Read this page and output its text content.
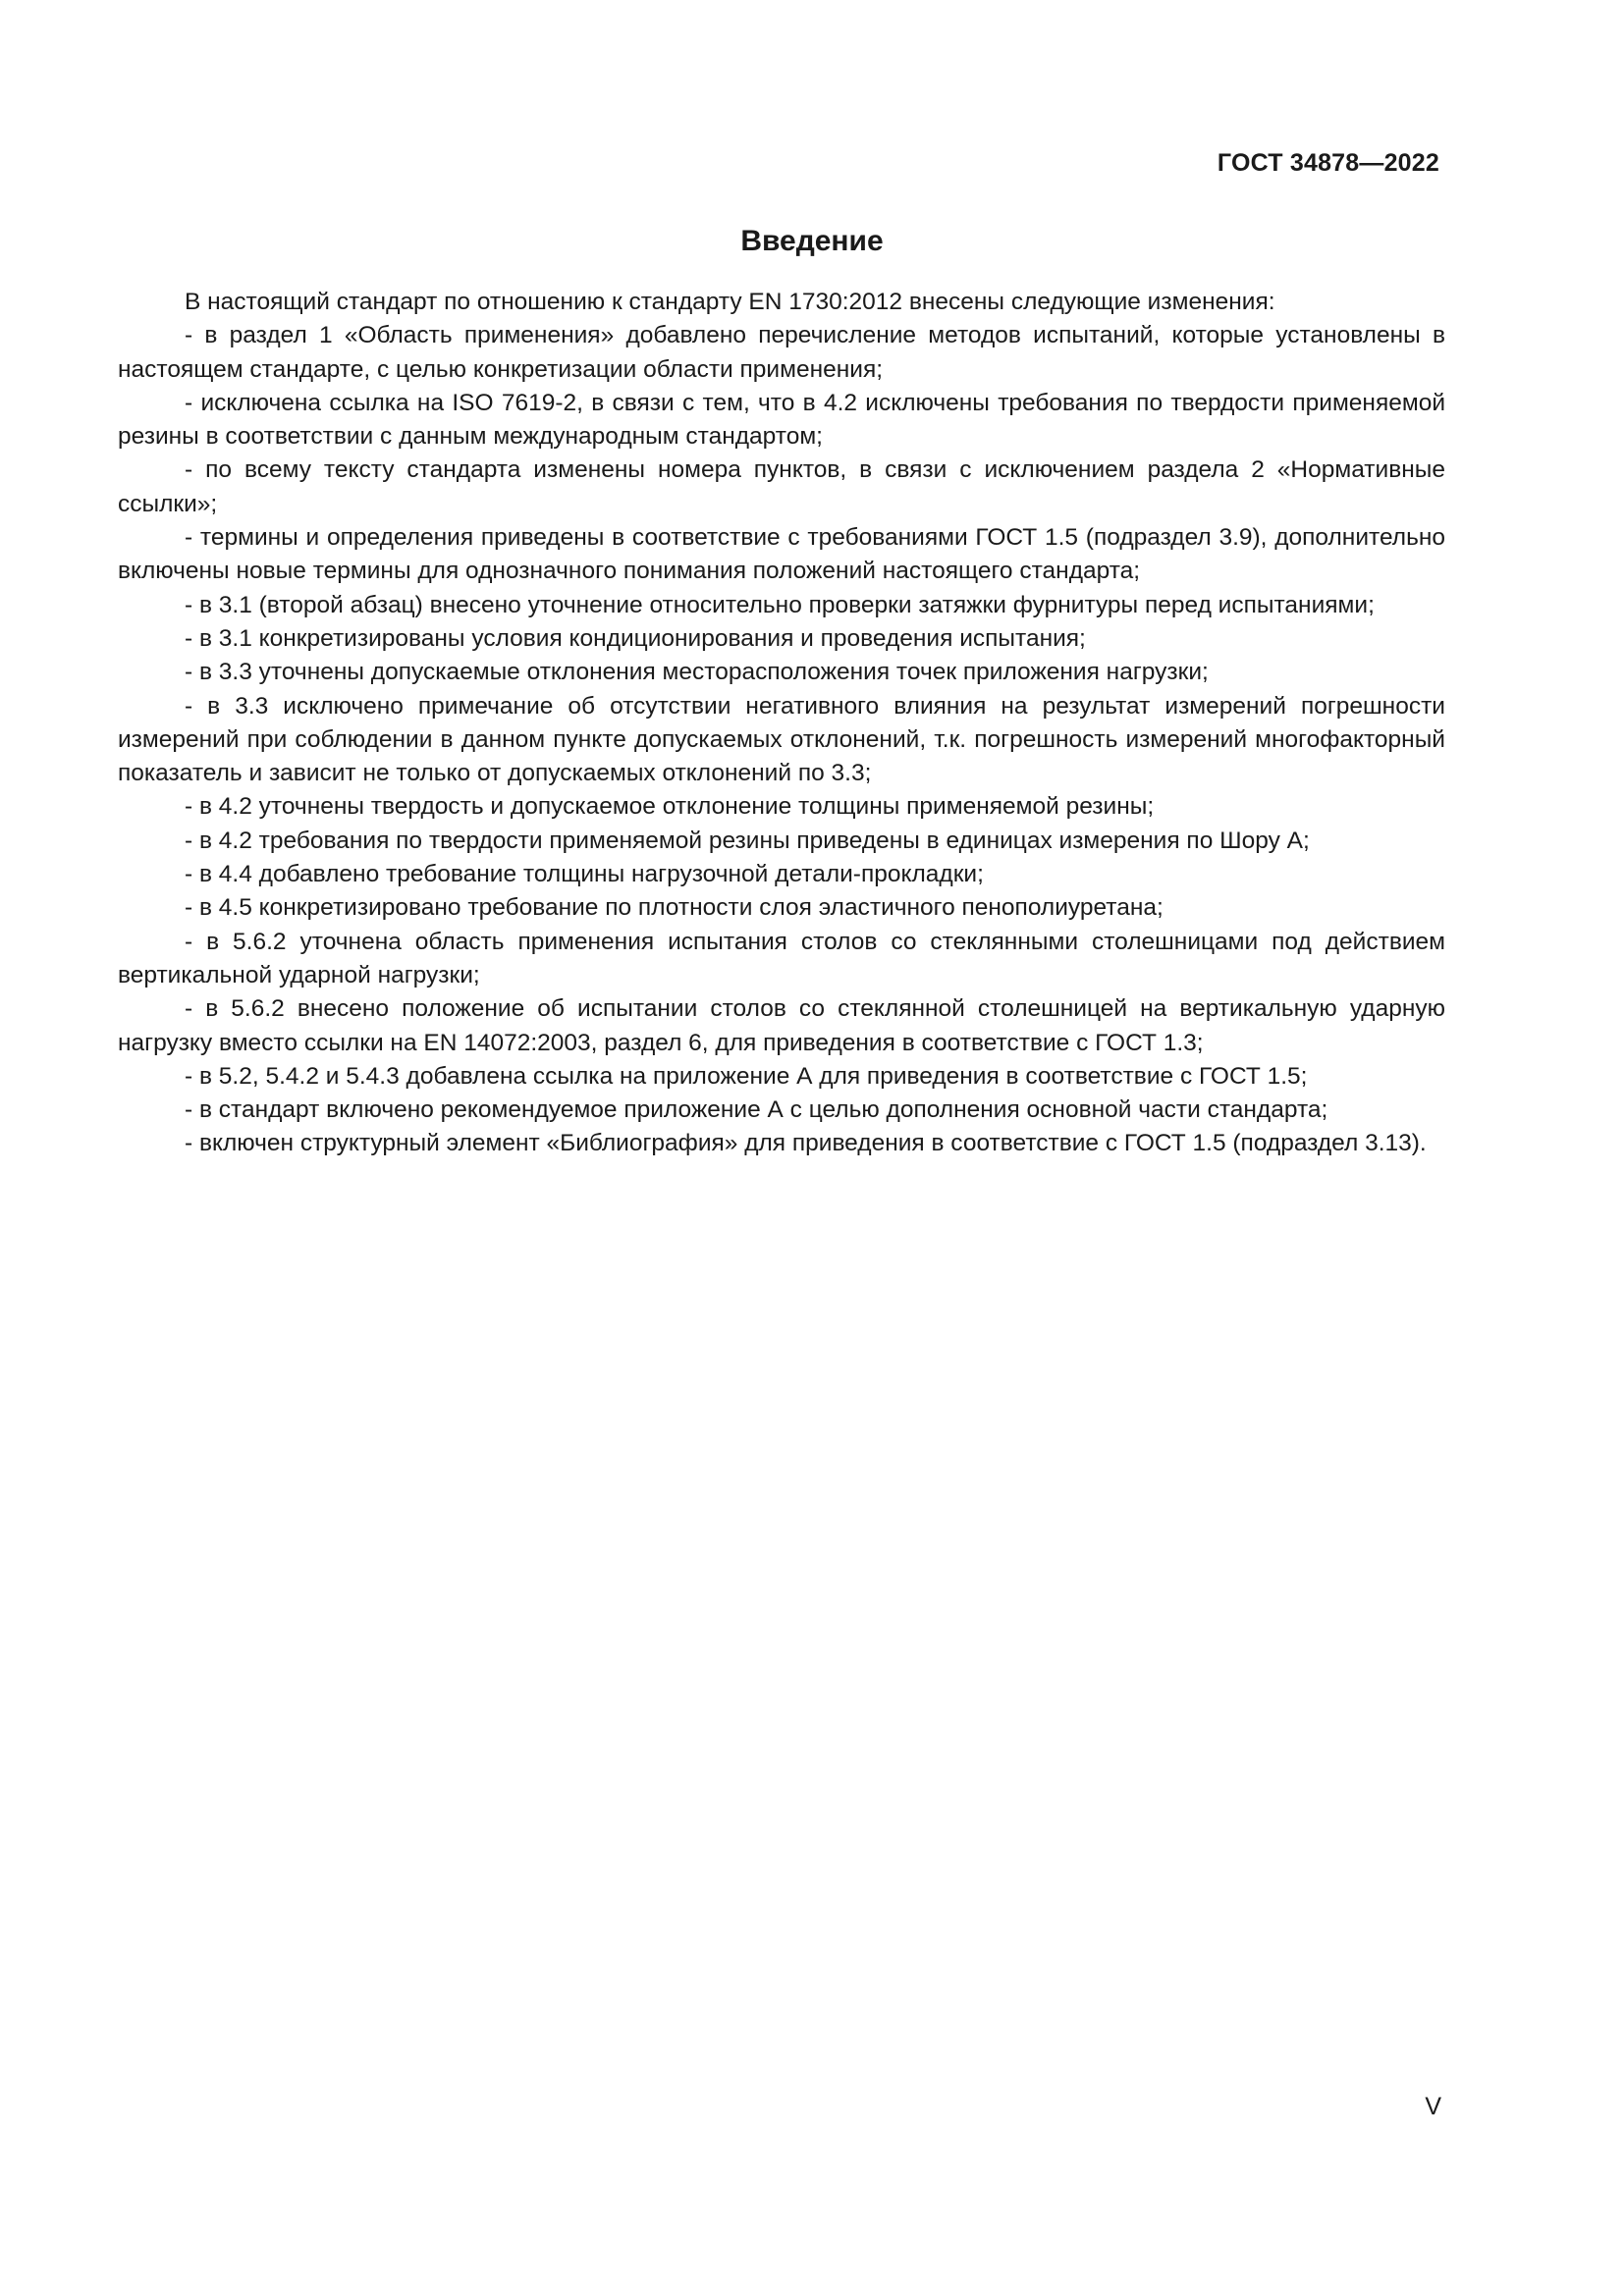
ГОСТ 34878—2022
Введение

В настоящий стандарт по отношению к стандарту EN 1730:2012 внесены следующие изменения:

- в раздел 1 «Область применения» добавлено перечисление методов испытаний, которые установлены в настоящем стандарте, с целью конкретизации области применения;

- исключена ссылка на ISO 7619-2, в связи с тем, что в 4.2 исключены требования по твердости применяемой резины в соответствии с данным международным стандартом;

- по всему тексту стандарта изменены номера пунктов, в связи с исключением раздела 2 «Нормативные ссылки»;

- термины и определения приведены в соответствие с требованиями ГОСТ 1.5 (подраздел 3.9), дополнительно включены новые термины для однозначного понимания положений настоящего стандарта;

- в 3.1 (второй абзац) внесено уточнение относительно проверки затяжки фурнитуры перед испытаниями;

- в 3.1 конкретизированы условия кондиционирования и проведения испытания;

- в 3.3 уточнены допускаемые отклонения месторасположения точек приложения нагрузки;

- в 3.3 исключено примечание об отсутствии негативного влияния на результат измерений погрешности измерений при соблюдении в данном пункте допускаемых отклонений, т.к. погрешность измерений многофакторный показатель и зависит не только от допускаемых отклонений по 3.3;

- в 4.2 уточнены твердость и допускаемое отклонение толщины применяемой резины;

- в 4.2 требования по твердости применяемой резины приведены в единицах измерения по Шору А;

- в 4.4 добавлено требование толщины нагрузочной детали-прокладки;

- в 4.5 конкретизировано требование по плотности слоя эластичного пенополиуретана;

- в 5.6.2 уточнена область применения испытания столов со стеклянными столешницами под действием вертикальной ударной нагрузки;

- в 5.6.2 внесено положение об испытании столов со стеклянной столешницей на вертикальную ударную нагрузку вместо ссылки на EN 14072:2003, раздел 6, для приведения в соответствие с ГОСТ 1.3;

- в 5.2, 5.4.2 и 5.4.3 добавлена ссылка на приложение А для приведения в соответствие с ГОСТ 1.5;

- в стандарт включено рекомендуемое приложение А с целью дополнения основной части стандарта;

- включен структурный элемент «Библиография» для приведения в соответствие с ГОСТ 1.5 (подраздел 3.13).

V
